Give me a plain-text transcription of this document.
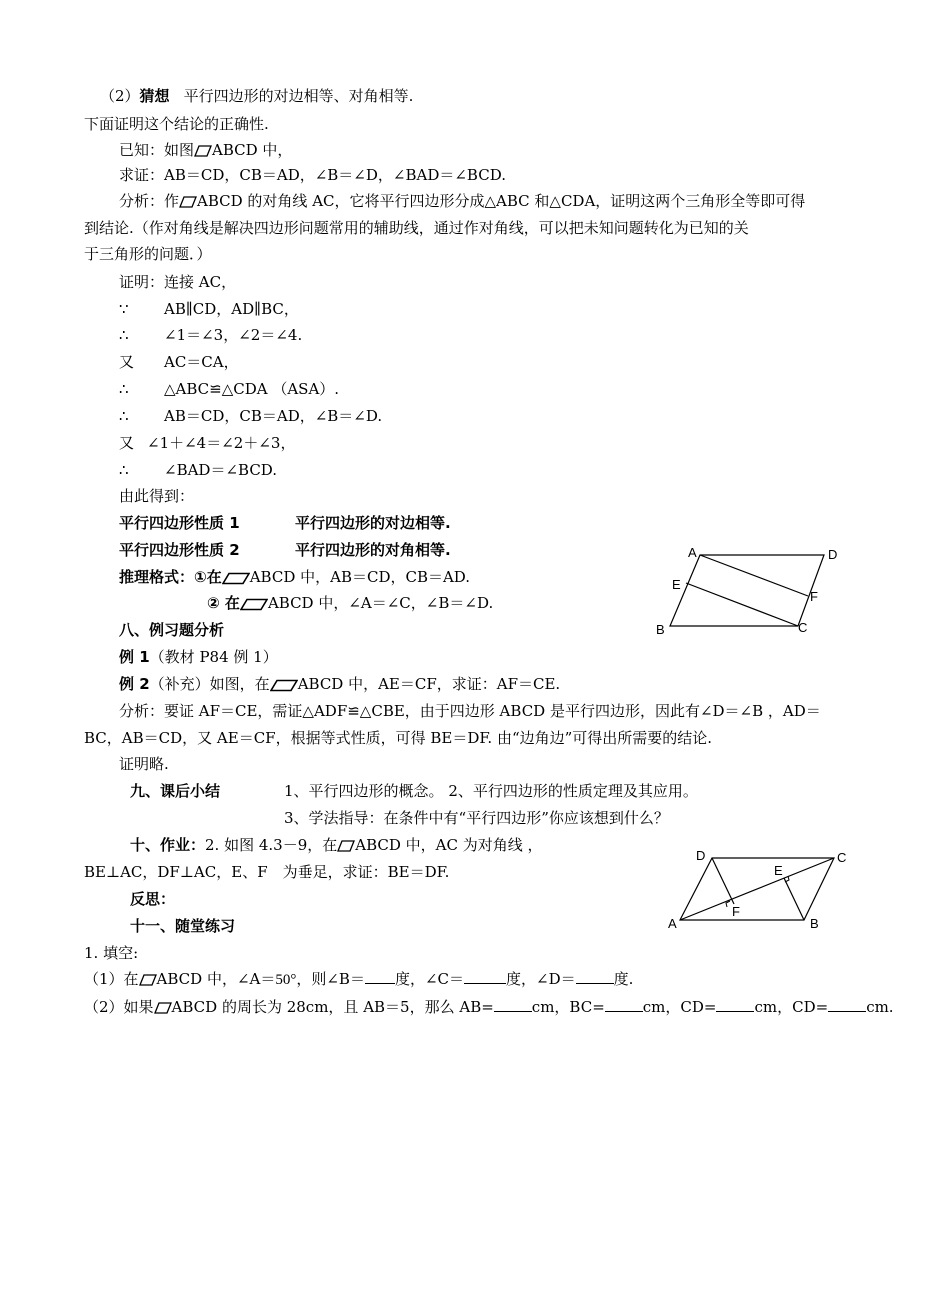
（2）猜想 平行四边形的对边相等、对角相等.
下面证明这个结论的正确性.
已知：如图 ABCD 中，
求证：AB＝CD，CB＝AD，∠B＝∠D，∠BAD＝∠BCD.
分析：作 ABCD 的对角线 AC，它将平行四边形分成△ABC 和△CDA，证明这两个三角形全等即可得
到结论.（作对角线是解决四边形问题常用的辅助线，通过作对角线，可以把未知问题转化为已知的关
于三角形的问题．）
证明：连接 AC，
∵ AB∥CD，AD∥BC，
∴ ∠1＝∠3，∠2＝∠4.
又 AC＝CA，
∴ △ABC≌△CDA （ASA）.
∴ AB＝CD，CB＝AD，∠B＝∠D.
又 ∠1＋∠4＝∠2＋∠3，
∴ ∠BAD＝∠BCD.
由此得到：
平行四边形性质 1	平行四边形的对边相等.
平行四边形性质 2	平行四边形的对角相等.
推理格式：①在 ABCD 中，AB＝CD，CB＝AD.
② 在 ABCD 中，∠A＝∠C，∠B＝∠D.
八、例习题分析
例 1（教材 P84 例 1）
例 2（补充）如图，在 ABCD 中，AE＝CF，求证：AF＝CE.
分析：要证 AF＝CE，需证△ADF≌△CBE，由于四边形 ABCD 是平行四边形，因此有∠D＝∠B ，AD＝
BC，AB＝CD，又 AE＝CF，根据等式性质，可得 BE＝DF. 由“边角边”可得出所需要的结论.
证明略.
九、课后小结	1、平行四边形的概念。 2、平行四边形的性质定理及其应用。
3、学法指导：在条件中有“平行四边形”你应该想到什么？
十、作业：2. 如图 4.3－9，在 ABCD 中，AC 为对角线 ，
BE⊥AC，DF⊥AC，E、F　为垂足，求证：BE＝DF.
反思：
十一、随堂练习
1. 填空:
（1）在 ABCD 中，∠A＝50°，则∠B＝ 度，∠C＝	度，∠D＝	度.
（2）如果 ABCD 的周长为 28cm，且 AB＝5，那么 AB=	cm，BC=	cm，CD=	cm，CD=	cm.
A	D
E
F
B	C
D	C
E
F
A	B
